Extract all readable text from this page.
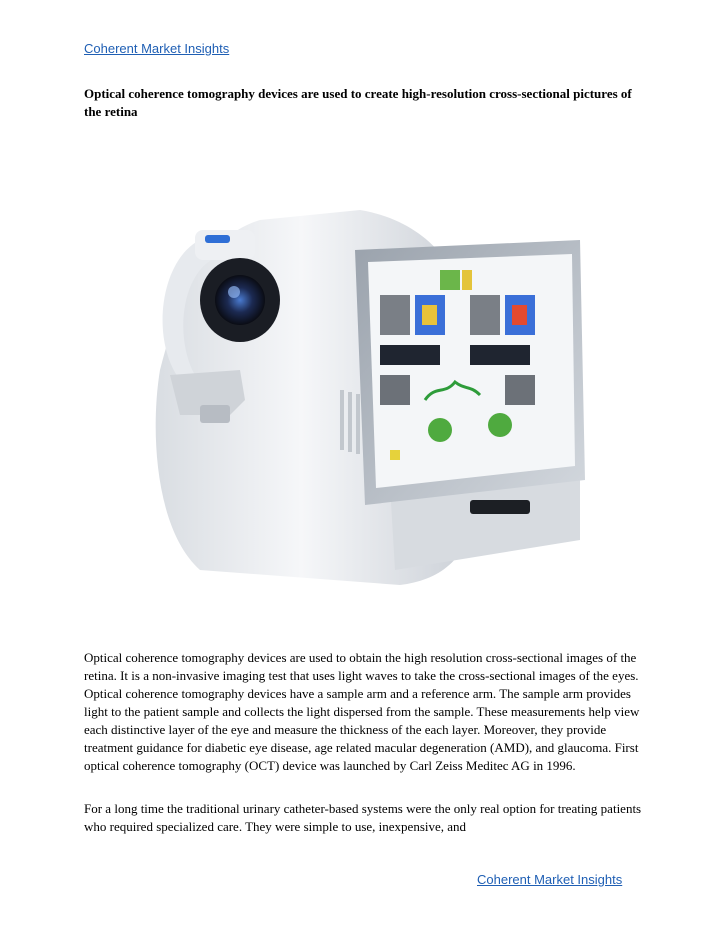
Coherent Market Insights
Optical coherence tomography devices are used to create high-resolution cross-sectional pictures of the retina

Optical coherence tomography devices are used to obtain the high resolution cross-sectional images of the retina. It is a non-invasive imaging test that uses light waves to take the cross-sectional images of the eyes. Optical coherence tomography devices have a sample arm and a reference arm. The sample arm provides light to the patient sample and collects the light dispersed from the sample. These measurements help view each distinctive layer of the eye and measure the thickness of the each layer. Moreover, they provide treatment guidance for diabetic eye disease, age related macular degeneration (AMD), and glaucoma. First optical coherence tomography (OCT) device was launched by Carl Zeiss Meditec AG in 1996.

For a long time the traditional urinary catheter-based systems were the only real option for treating patients who required specialized care. They were simple to use, inexpensive, and

Coherent Market Insights
